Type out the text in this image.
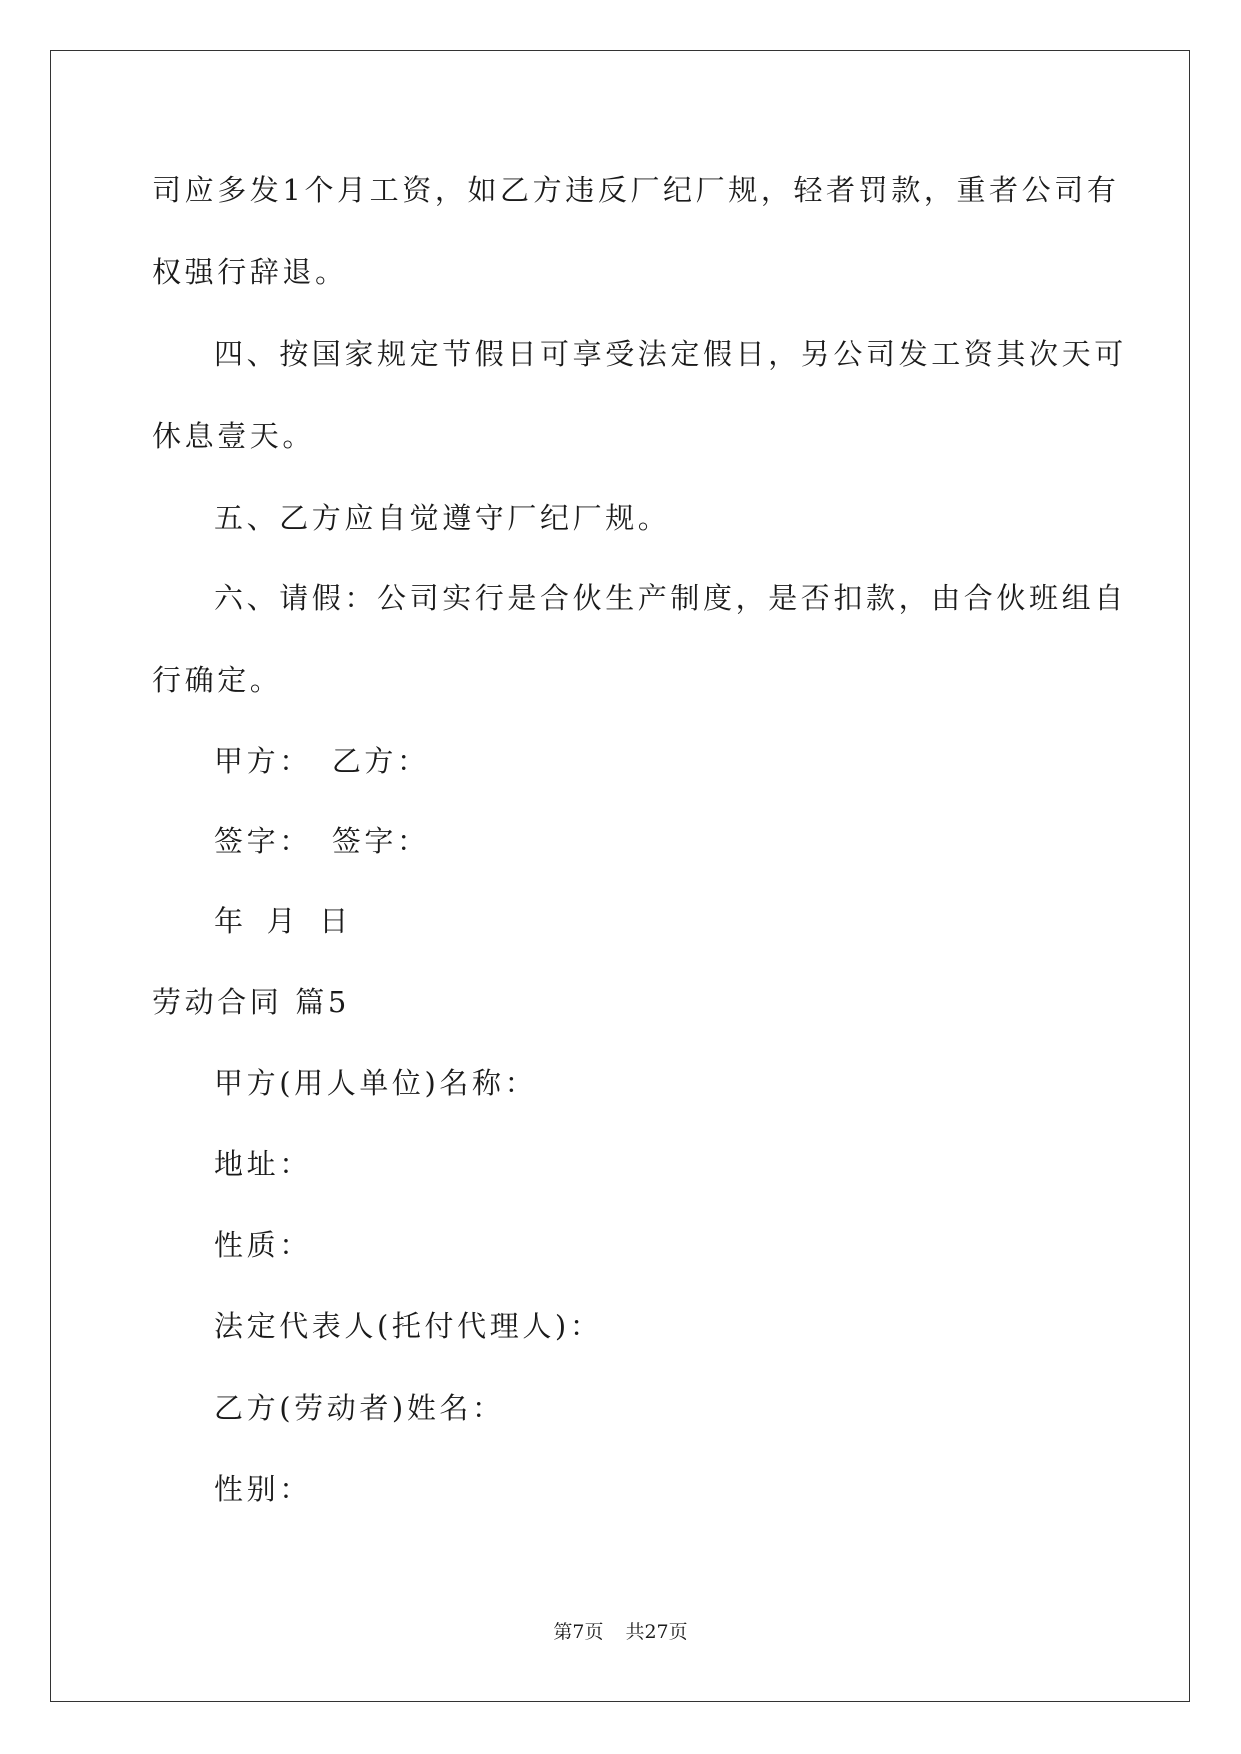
司应多发1个月工资，如乙方违反厂纪厂规，轻者罚款，重者公司有
权强行辞退。
四、按国家规定节假日可享受法定假日，另公司发工资其次天可
休息壹天。
五、乙方应自觉遵守厂纪厂规。
六、请假：公司实行是合伙生产制度，是否扣款，由合伙班组自
行确定。
甲方： 乙方：
签字： 签字：
年 月 日
劳动合同 篇5
甲方(用人单位)名称：
地址：
性质：
法定代表人(托付代理人)：
乙方(劳动者)姓名：
性别：
第7页 共27页
